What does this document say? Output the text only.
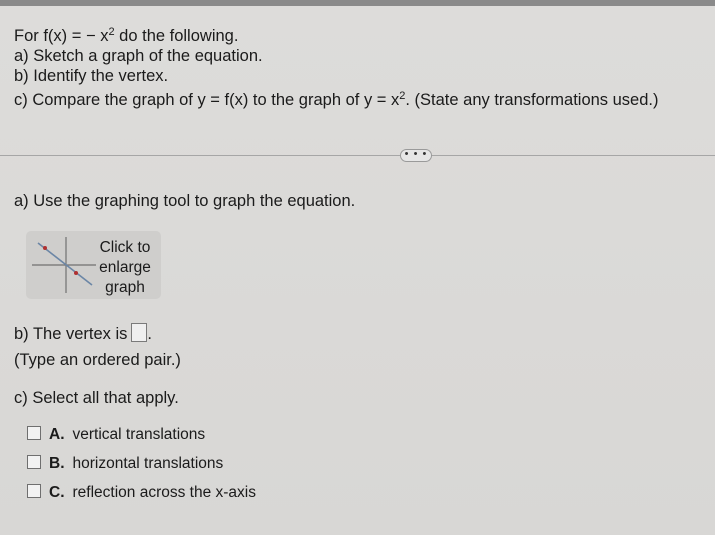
For f(x) = − $x^2$ do the following.
a) Sketch a graph of the equation.
b) Identify the vertex.
c) Compare the graph of y = f(x) to the graph of $y = x^2$. (State any transformations used.)
• • •
a) Use the graphing tool to graph the equation.
Click to
enlarge
graph
b) The vertex is .
(Type an ordered pair.)
c) Select all that apply.
A. vertical translations
B. horizontal translations
C. reflection across the x-axis
